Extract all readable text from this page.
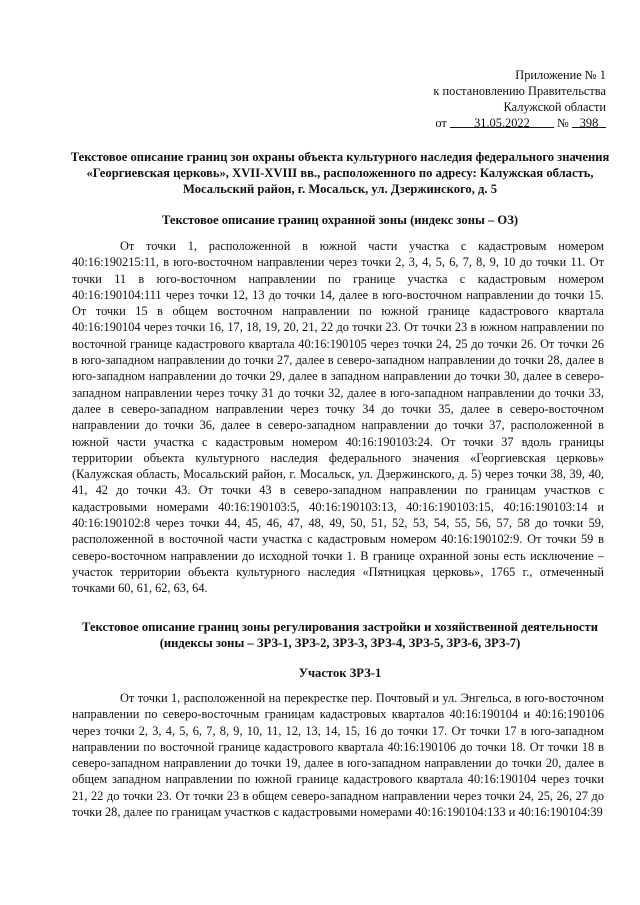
Приложение № 1
к постановлению Правительства
Калужской области
от 31.05.2022 № 398
Текстовое описание границ зон охраны объекта культурного наследия федерального значения «Георгиевская церковь», XVII-XVIII вв., расположенного по адресу: Калужская область, Мосальский район, г. Мосальск, ул. Дзержинского, д. 5
Текстовое описание границ охранной зоны (индекс зоны – ОЗ)

От точки 1, расположенной в южной части участка с кадастровым номером 40:16:190215:11, в юго-восточном направлении через точки 2, 3, 4, 5, 6, 7, 8, 9, 10 до точки 11. От точки 11 в юго-восточном направлении по границе участка с кадастровым номером 40:16:190104:111 через точки 12, 13 до точки 14, далее в юго-восточном направлении до точки 15. От точки 15 в общем восточном направлении по южной границе кадастрового квартала 40:16:190104 через точки 16, 17, 18, 19, 20, 21, 22 до точки 23. От точки 23 в южном направлении по восточной границе кадастрового квартала 40:16:190105 через точки 24, 25 до точки 26. От точки 26 в юго-западном направлении до точки 27, далее в северо-западном направлении до точки 28, далее в юго-западном направлении до точки 29, далее в западном направлении до точки 30, далее в северо-западном направлении через точку 31 до точки 32, далее в юго-западном направлении до точки 33, далее в северо-западном направлении через точку 34 до точки 35, далее в северо-восточном направлении до точки 36, далее в северо-западном направлении до точки 37, расположенной в южной части участка с кадастровым номером 40:16:190103:24. От точки 37 вдоль границы территории объекта культурного наследия федерального значения «Георгиевская церковь» (Калужская область, Мосальский район, г. Мосальск, ул. Дзержинского, д. 5) через точки 38, 39, 40, 41, 42 до точки 43. От точки 43 в северо-западном направлении по границам участков с кадастровыми номерами 40:16:190103:5, 40:16:190103:13, 40:16:190103:15, 40:16:190103:14 и 40:16:190102:8 через точки 44, 45, 46, 47, 48, 49, 50, 51, 52, 53, 54, 55, 56, 57, 58 до точки 59, расположенной в восточной части участка с кадастровым номером 40:16:190102:9. От точки 59 в северо-восточном направлении до исходной точки 1. В границе охранной зоны есть исключение – участок территории объекта культурного наследия «Пятницкая церковь», 1765 г., отмеченный точками 60, 61, 62, 63, 64.

Текстовое описание границ зоны регулирования застройки и хозяйственной деятельности (индексы зоны – ЗРЗ-1, ЗРЗ-2, ЗРЗ-3, ЗРЗ-4, ЗРЗ-5, ЗРЗ-6, ЗРЗ-7)
Участок ЗРЗ-1

От точки 1, расположенной на перекрестке пер. Почтовый и ул. Энгельса, в юго-восточном направлении по северо-восточным границам кадастровых кварталов 40:16:190104 и 40:16:190106 через точки 2, 3, 4, 5, 6, 7, 8, 9, 10, 11, 12, 13, 14, 15, 16 до точки 17. От точки 17 в юго-западном направлении по восточной границе кадастрового квартала 40:16:190106 до точки 18. От точки 18 в северо-западном направлении до точки 19, далее в юго-западном направлении до точки 20, далее в общем западном направлении по южной границе кадастрового квартала 40:16:190104 через точки 21, 22 до точки 23. От точки 23 в общем северо-западном направлении через точки 24, 25, 26, 27 до точки 28, далее по границам участков с кадастровыми номерами 40:16:190104:133 и 40:16:190104:39
